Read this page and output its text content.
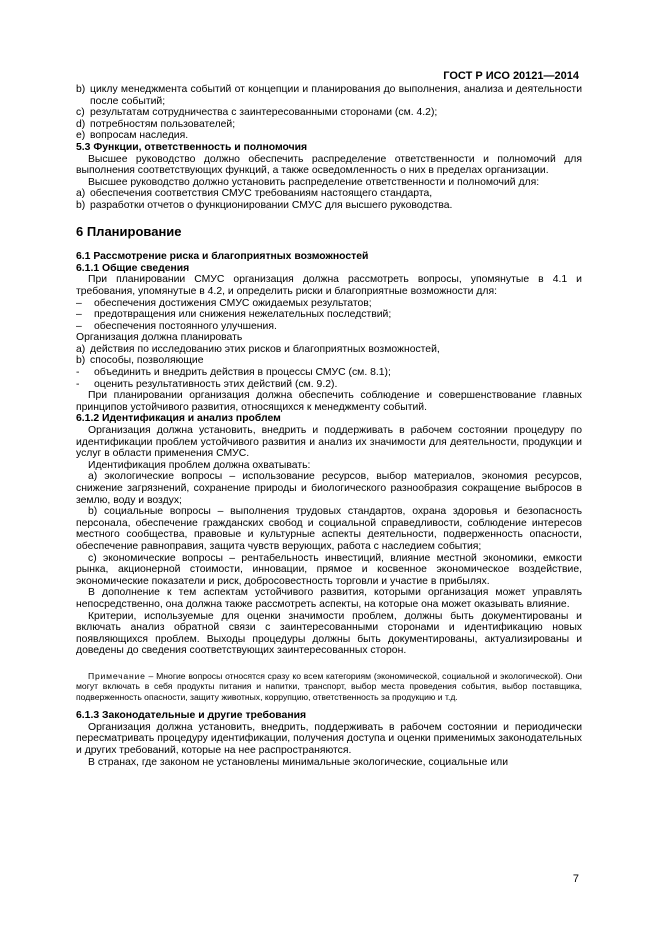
ГОСТ Р ИСО 20121—2014
b) циклу менеджмента событий от концепции и планирования до выполнения, анализа и деятельности после событий;
c) результатам сотрудничества с заинтересованными сторонами (см. 4.2);
d) потребностям пользователей;
e) вопросам наследия.

5.3 Функции, ответственность и полномочия

Высшее руководство должно обеспечить распределение ответственности и полномочий для выполнения соответствующих функций, а также осведомленность о них в пределах организации.

Высшее руководство должно установить распределение ответственности и полномочий для:

a) обеспечения соответствия СМУС требованиям настоящего стандарта,
b) разработки отчетов о функционировании СМУС для высшего руководства.
6 Планирование

6.1 Рассмотрение риска и благоприятных возможностей

6.1.1 Общие сведения

При планировании СМУС организация должна рассмотреть вопросы, упомянутые в 4.1 и требования, упомянутые в 4.2, и определить риски и благоприятные возможности для:

–	обеспечения достижения СМУС ожидаемых результатов;
–	предотвращения или снижения нежелательных последствий;
–	обеспечения постоянного улучшения.

Организация должна планировать

a) действия по исследованию этих рисков и благоприятных возможностей,
b) способы, позволяющие
-	объединить и внедрить действия в процессы СМУС (см. 8.1);
-	оценить результативность этих действий (см. 9.2).

При планировании организация должна обеспечить соблюдение и совершенствование главных принципов устойчивого развития, относящихся к менеджменту событий.

6.1.2 Идентификация и анализ проблем

Организация должна установить, внедрить и поддерживать в рабочем состоянии процедуру по идентификации проблем устойчивого развития и анализ их значимости для деятельности, продукции и услуг в области применения СМУС.

Идентификация проблем должна охватывать:

a) экологические вопросы – использование ресурсов, выбор материалов, экономия ресурсов, снижение загрязнений, сохранение природы и биологического разнообразия сокращение выбросов в землю, воду и воздух;

b) социальные вопросы – выполнения трудовых стандартов, охрана здоровья и безопасность персонала, обеспечение гражданских свобод и социальной справедливости, соблюдение интересов местного сообщества, правовые и культурные аспекты деятельности, подверженность опасности, обеспечение равноправия, защита чувств верующих, работа с наследием события;

c) экономические вопросы – рентабельность инвестиций, влияние местной экономики, емкости рынка, акционерной стоимости, инновации, прямое и косвенное экономическое воздействие, экономические показатели и риск, добросовестность торговли и участие в прибылях.

В дополнение к тем аспектам устойчивого развития, которыми организация может управлять непосредственно, она должна также рассмотреть аспекты, на которые она может оказывать влияние.

Критерии, используемые для оценки значимости проблем, должны быть документированы и включать анализ обратной связи с заинтересованными сторонами и идентификацию новых появляющихся проблем. Выходы процедуры должны быть документированы, актуализированы и доведены до сведения соответствующих заинтересованных сторон.

Примечание – Многие вопросы относятся сразу ко всем категориям (экономической, социальной и экологической). Они могут включать в себя продукты питания и напитки, транспорт, выбор места проведения события, выбор поставщика, подверженность опасности, защиту животных, коррупцию, ответственность за продукцию и т.д.

6.1.3 Законодательные и другие требования

Организация должна установить, внедрить, поддерживать в рабочем состоянии и периодически пересматривать процедуру идентификации, получения доступа и оценки применимых законодательных и других требований, которые на нее распространяются.

В странах, где законом не установлены минимальные экологические, социальные или

7
